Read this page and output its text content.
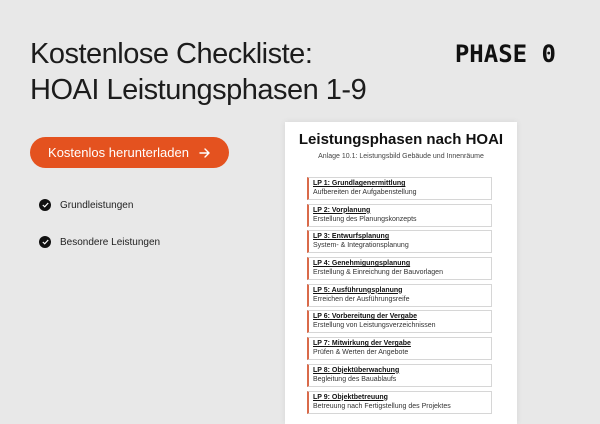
Kostenlose Checkliste:
HOAI Leistungsphasen 1-9
PHASE 0
Kostenlos herunterladen
Grundleistungen
Besondere Leistungen
Leistungsphasen nach HOAI
Anlage 10.1: Leistungsbild Gebäude und Innenräume
LP 1: Grundlagenermittlung
Aufbereiten der Aufgabenstellung
LP 2: Vorplanung
Erstellung des Planungskonzepts
LP 3: Entwurfsplanung
System- & Integrationsplanung
LP 4: Genehmigungsplanung
Erstellung & Einreichung der Bauvorlagen
LP 5: Ausführungsplanung
Erreichen der Ausführungsreife
LP 6: Vorbereitung der Vergabe
Erstellung von Leistungsverzeichnissen
LP 7: Mitwirkung der Vergabe
Prüfen & Werten der Angebote
LP 8: Objektüberwachung
Begleitung des Bauablaufs
LP 9: Objektbetreuung
Betreuung nach Fertigstellung des Projektes
